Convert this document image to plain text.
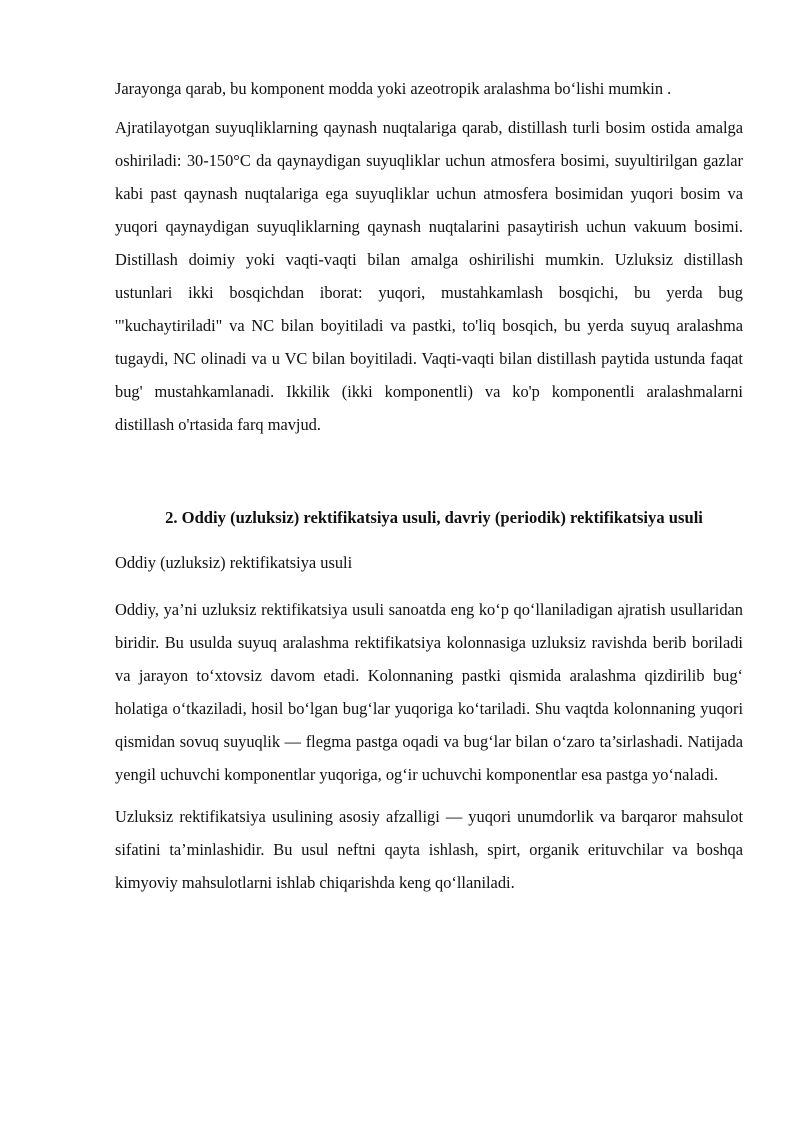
Jarayonga qarab, bu komponent modda yoki azeotropik aralashma bo‘lishi mumkin .

Ajratilayotgan suyuqliklarning qaynash nuqtalariga qarab, distillash turli bosim ostida amalga oshiriladi: 30-150°C da qaynaydigan suyuqliklar uchun atmosfera bosimi, suyultirilgan gazlar kabi past qaynash nuqtalariga ega suyuqliklar uchun atmosfera bosimidan yuqori bosim va yuqori qaynaydigan suyuqliklarning qaynash nuqtalarini pasaytirish uchun vakuum bosimi. Distillash doimiy yoki vaqti-vaqti bilan amalga oshirilishi mumkin. Uzluksiz distillash ustunlari ikki bosqichdan iborat: yuqori, mustahkamlash bosqichi, bu yerda bug '"kuchaytiriladi" va NC bilan boyitiladi va pastki, to'liq bosqich, bu yerda suyuq aralashma tugaydi, NC olinadi va u VC bilan boyitiladi. Vaqti-vaqti bilan distillash paytida ustunda faqat bug' mustahkamlanadi. Ikkilik (ikki komponentli) va ko'p komponentli aralashmalarni distillash o'rtasida farq mavjud.

2. Oddiy (uzluksiz) rektifikatsiya usuli, davriy (periodik) rektifikatsiya usuli

Oddiy (uzluksiz) rektifikatsiya usuli

Oddiy, ya’ni uzluksiz rektifikatsiya usuli sanoatda eng ko‘p qo‘llaniladigan ajratish usullaridan biridir. Bu usulda suyuq aralashma rektifikatsiya kolonnasiga uzluksiz ravishda berib boriladi va jarayon to‘xtovsiz davom etadi. Kolonnaning pastki qismida aralashma qizdirilib bug‘ holatiga o‘tkaziladi, hosil bo‘lgan bug‘lar yuqoriga ko‘tariladi. Shu vaqtda kolonnaning yuqori qismidan sovuq suyuqlik — flegma pastga oqadi va bug‘lar bilan o‘zaro ta’sirlashadi. Natijada yengil uchuvchi komponentlar yuqoriga, og‘ir uchuvchi komponentlar esa pastga yo‘naladi.

Uzluksiz rektifikatsiya usulining asosiy afzalligi — yuqori unumdorlik va barqaror mahsulot sifatini ta’minlashidir. Bu usul neftni qayta ishlash, spirt, organik erituvchilar va boshqa kimyoviy mahsulotlarni ishlab chiqarishda keng qo‘llaniladi.
